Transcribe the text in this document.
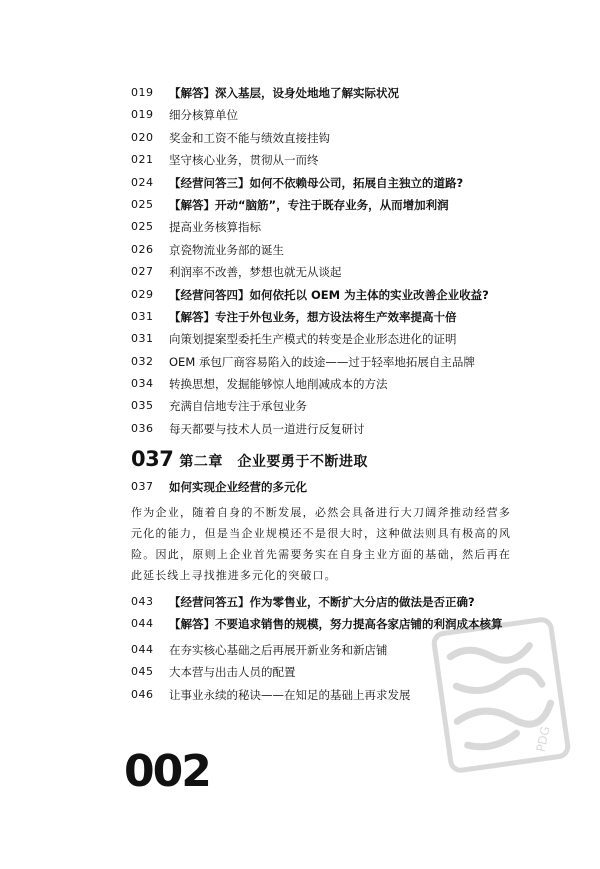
019	【解答】深入基层，设身处地地了解实际状况
019	细分核算单位
020	奖金和工资不能与绩效直接挂钩
021	坚守核心业务，贯彻从一而终
024	【经营问答三】如何不依赖母公司，拓展自主独立的道路?
025	【解答】开动“脑筋”，专注于既存业务，从而增加利润
025	提高业务核算指标
026	京瓷物流业务部的诞生
027	利润率不改善，梦想也就无从谈起
029	【经营问答四】如何依托以 OEM 为主体的实业改善企业收益?
031	【解答】专注于外包业务，想方设法将生产效率提高十倍
031	向策划提案型委托生产模式的转变是企业形态进化的证明
032	OEM 承包厂商容易陷入的歧途——过于轻率地拓展自主品牌
034	转换思想，发掘能够惊人地削减成本的方法
035	充满自信地专注于承包业务
036	每天都要与技术人员一道进行反复研讨
037 第二章　企业要勇于不断进取
037	如何实现企业经营的多元化

作为企业，随着自身的不断发展，必然会具备进行大刀阔斧推动经营多元化的能力，但是当企业规模还不是很大时，这种做法则具有极高的风险。因此，原则上企业首先需要务实在自身主业方面的基础，然后再在此延长线上寻找推进多元化的突破口。

043	【经营问答五】作为零售业，不断扩大分店的做法是否正确?
044	【解答】不要追求销售的规模，努力提高各家店铺的利润成本核算
044	在夯实核心基础之后再展开新业务和新店铺
045	大本营与出击人员的配置
046	让事业永续的秘诀——在知足的基础上再求发展
002
PDG
